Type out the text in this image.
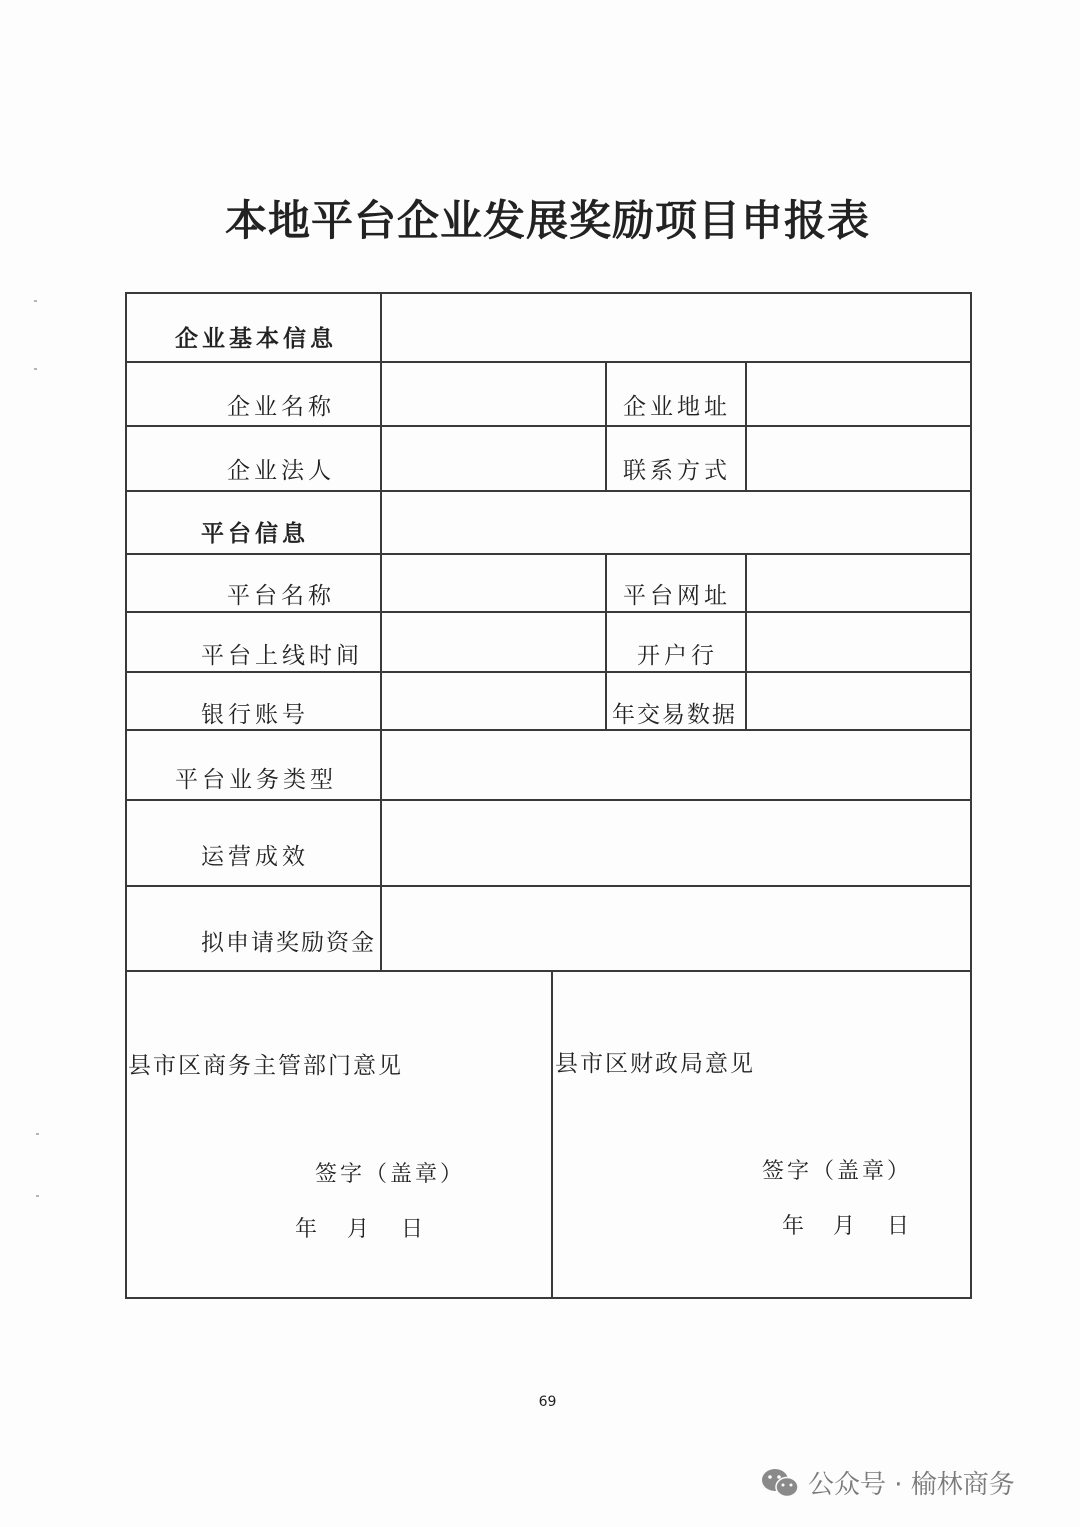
本地平台企业发展奖励项目申报表
企业基本信息
企业名称	企业地址
企业法人	联系方式
平台信息
平台名称	平台网址
平台上线时间	开户行
银行账号	年交易数据
平台业务类型
运营成效
拟申请奖励资金
县市区商务主管部门意见
签字（盖章）
年 月 日
县市区财政局意见
签字（盖章）
年 月 日
69
公众号 · 榆林商务
